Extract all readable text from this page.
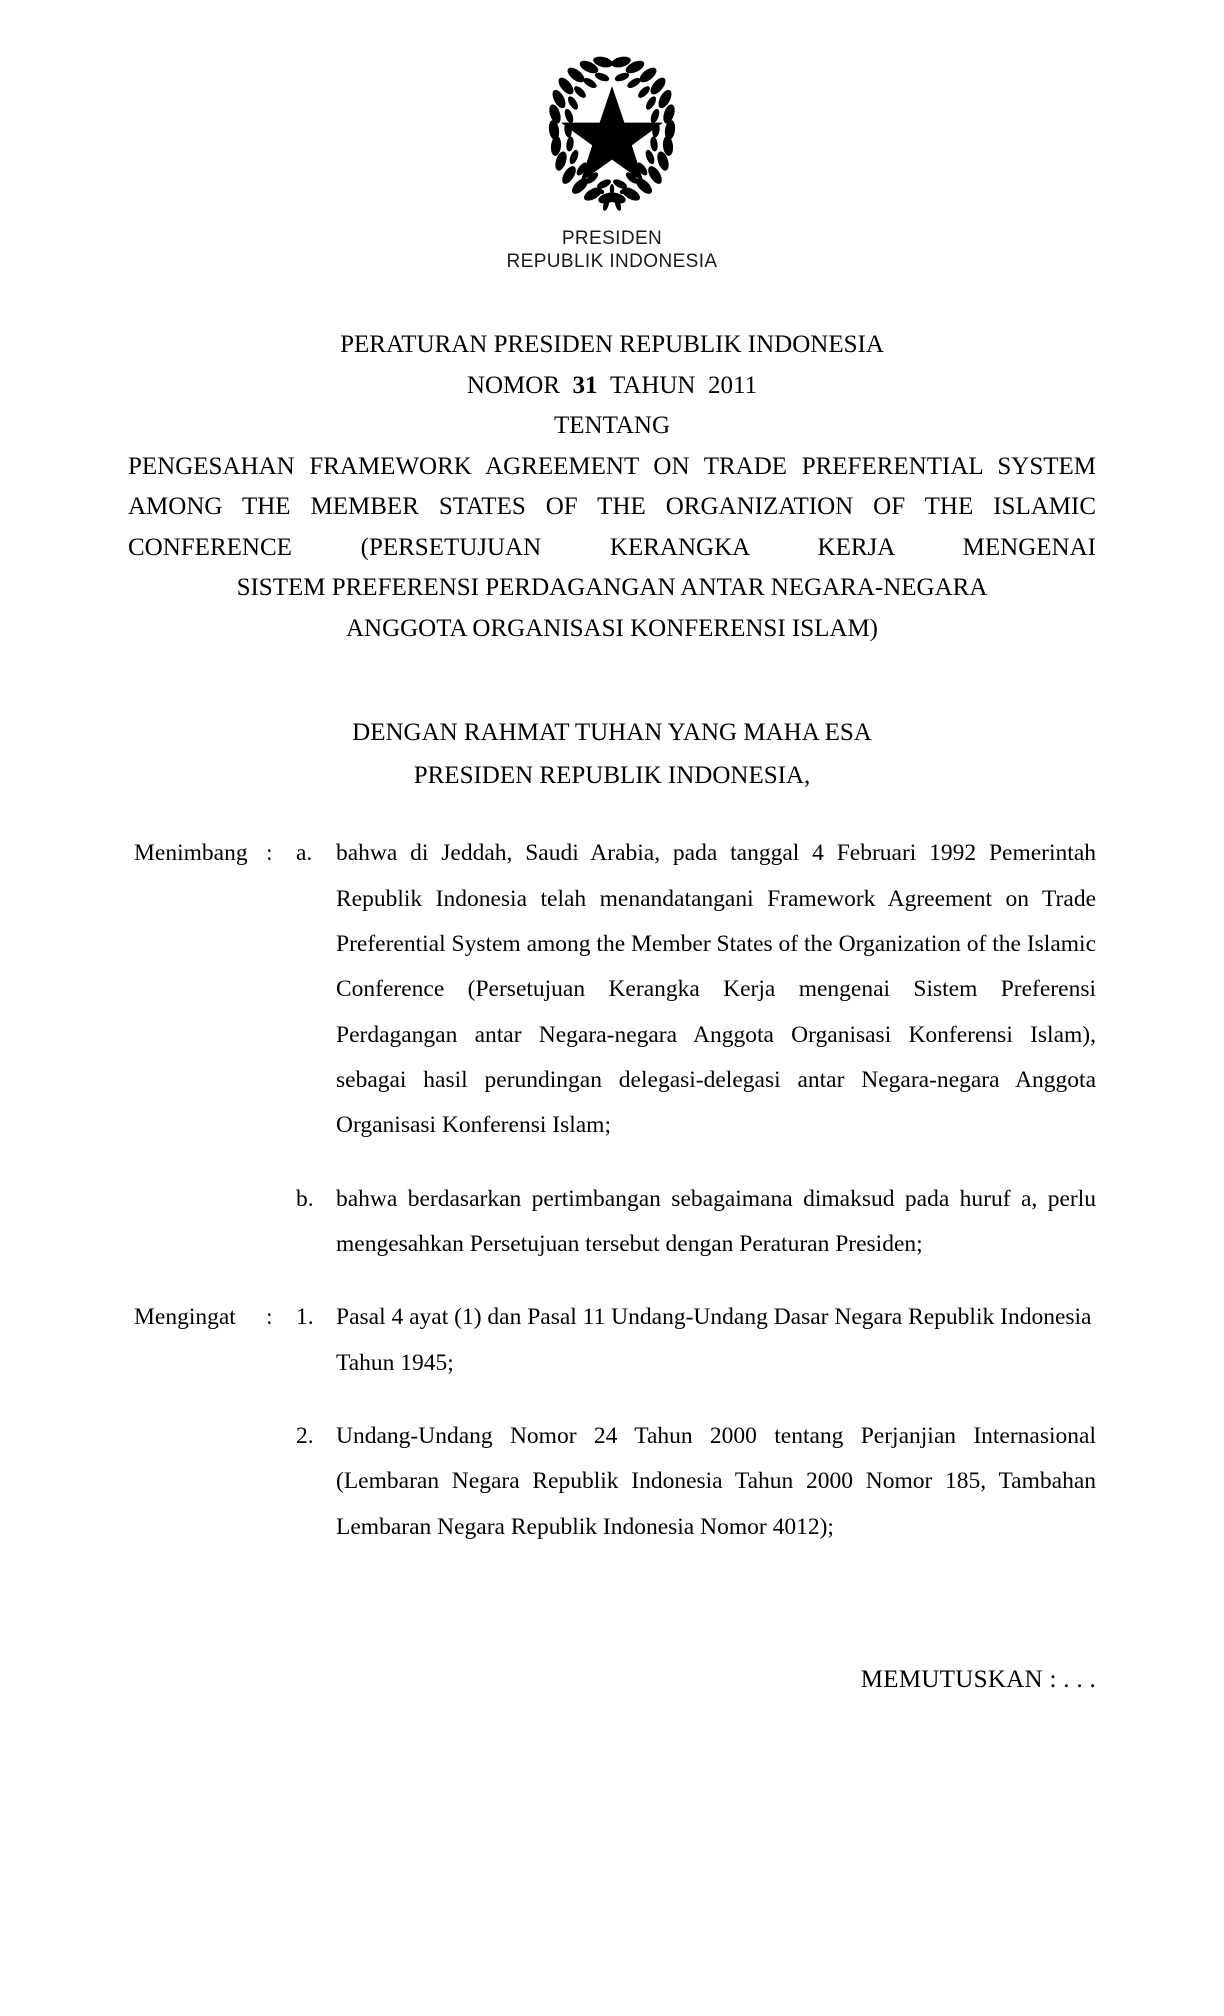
PRESIDEN
REPUBLIK INDONESIA
PERATURAN PRESIDEN REPUBLIK INDONESIA
NOMOR 31 TAHUN 2011
TENTANG
PENGESAHAN FRAMEWORK AGREEMENT ON TRADE PREFERENTIAL SYSTEM
AMONG THE MEMBER STATES OF THE ORGANIZATION OF THE ISLAMIC
CONFERENCE (PERSETUJUAN KERANGKA KERJA MENGENAI
SISTEM PREFERENSI PERDAGANGAN ANTAR NEGARA-NEGARA
ANGGOTA ORGANISASI KONFERENSI ISLAM)
DENGAN RAHMAT TUHAN YANG MAHA ESA
PRESIDEN REPUBLIK INDONESIA,
Menimbang : a.	bahwa di Jeddah, Saudi Arabia, pada tanggal 4 Februari 1992 Pemerintah Republik Indonesia telah menandatangani Framework Agreement on Trade Preferential System among the Member States of the Organization of the Islamic Conference (Persetujuan Kerangka Kerja mengenai Sistem Preferensi Perdagangan antar Negara-negara Anggota Organisasi Konferensi Islam), sebagai hasil perundingan delegasi-delegasi antar Negara-negara Anggota Organisasi Konferensi Islam;
b. bahwa berdasarkan pertimbangan sebagaimana dimaksud pada huruf a, perlu mengesahkan Persetujuan tersebut dengan Peraturan Presiden;
Mengingat	: 1. Pasal 4 ayat (1) dan Pasal 11 Undang-Undang Dasar Negara Republik Indonesia Tahun 1945;
2. Undang-Undang Nomor 24 Tahun 2000 tentang Perjanjian Internasional (Lembaran Negara Republik Indonesia Tahun 2000 Nomor 185, Tambahan Lembaran Negara Republik Indonesia Nomor 4012);
MEMUTUSKAN : . . .
